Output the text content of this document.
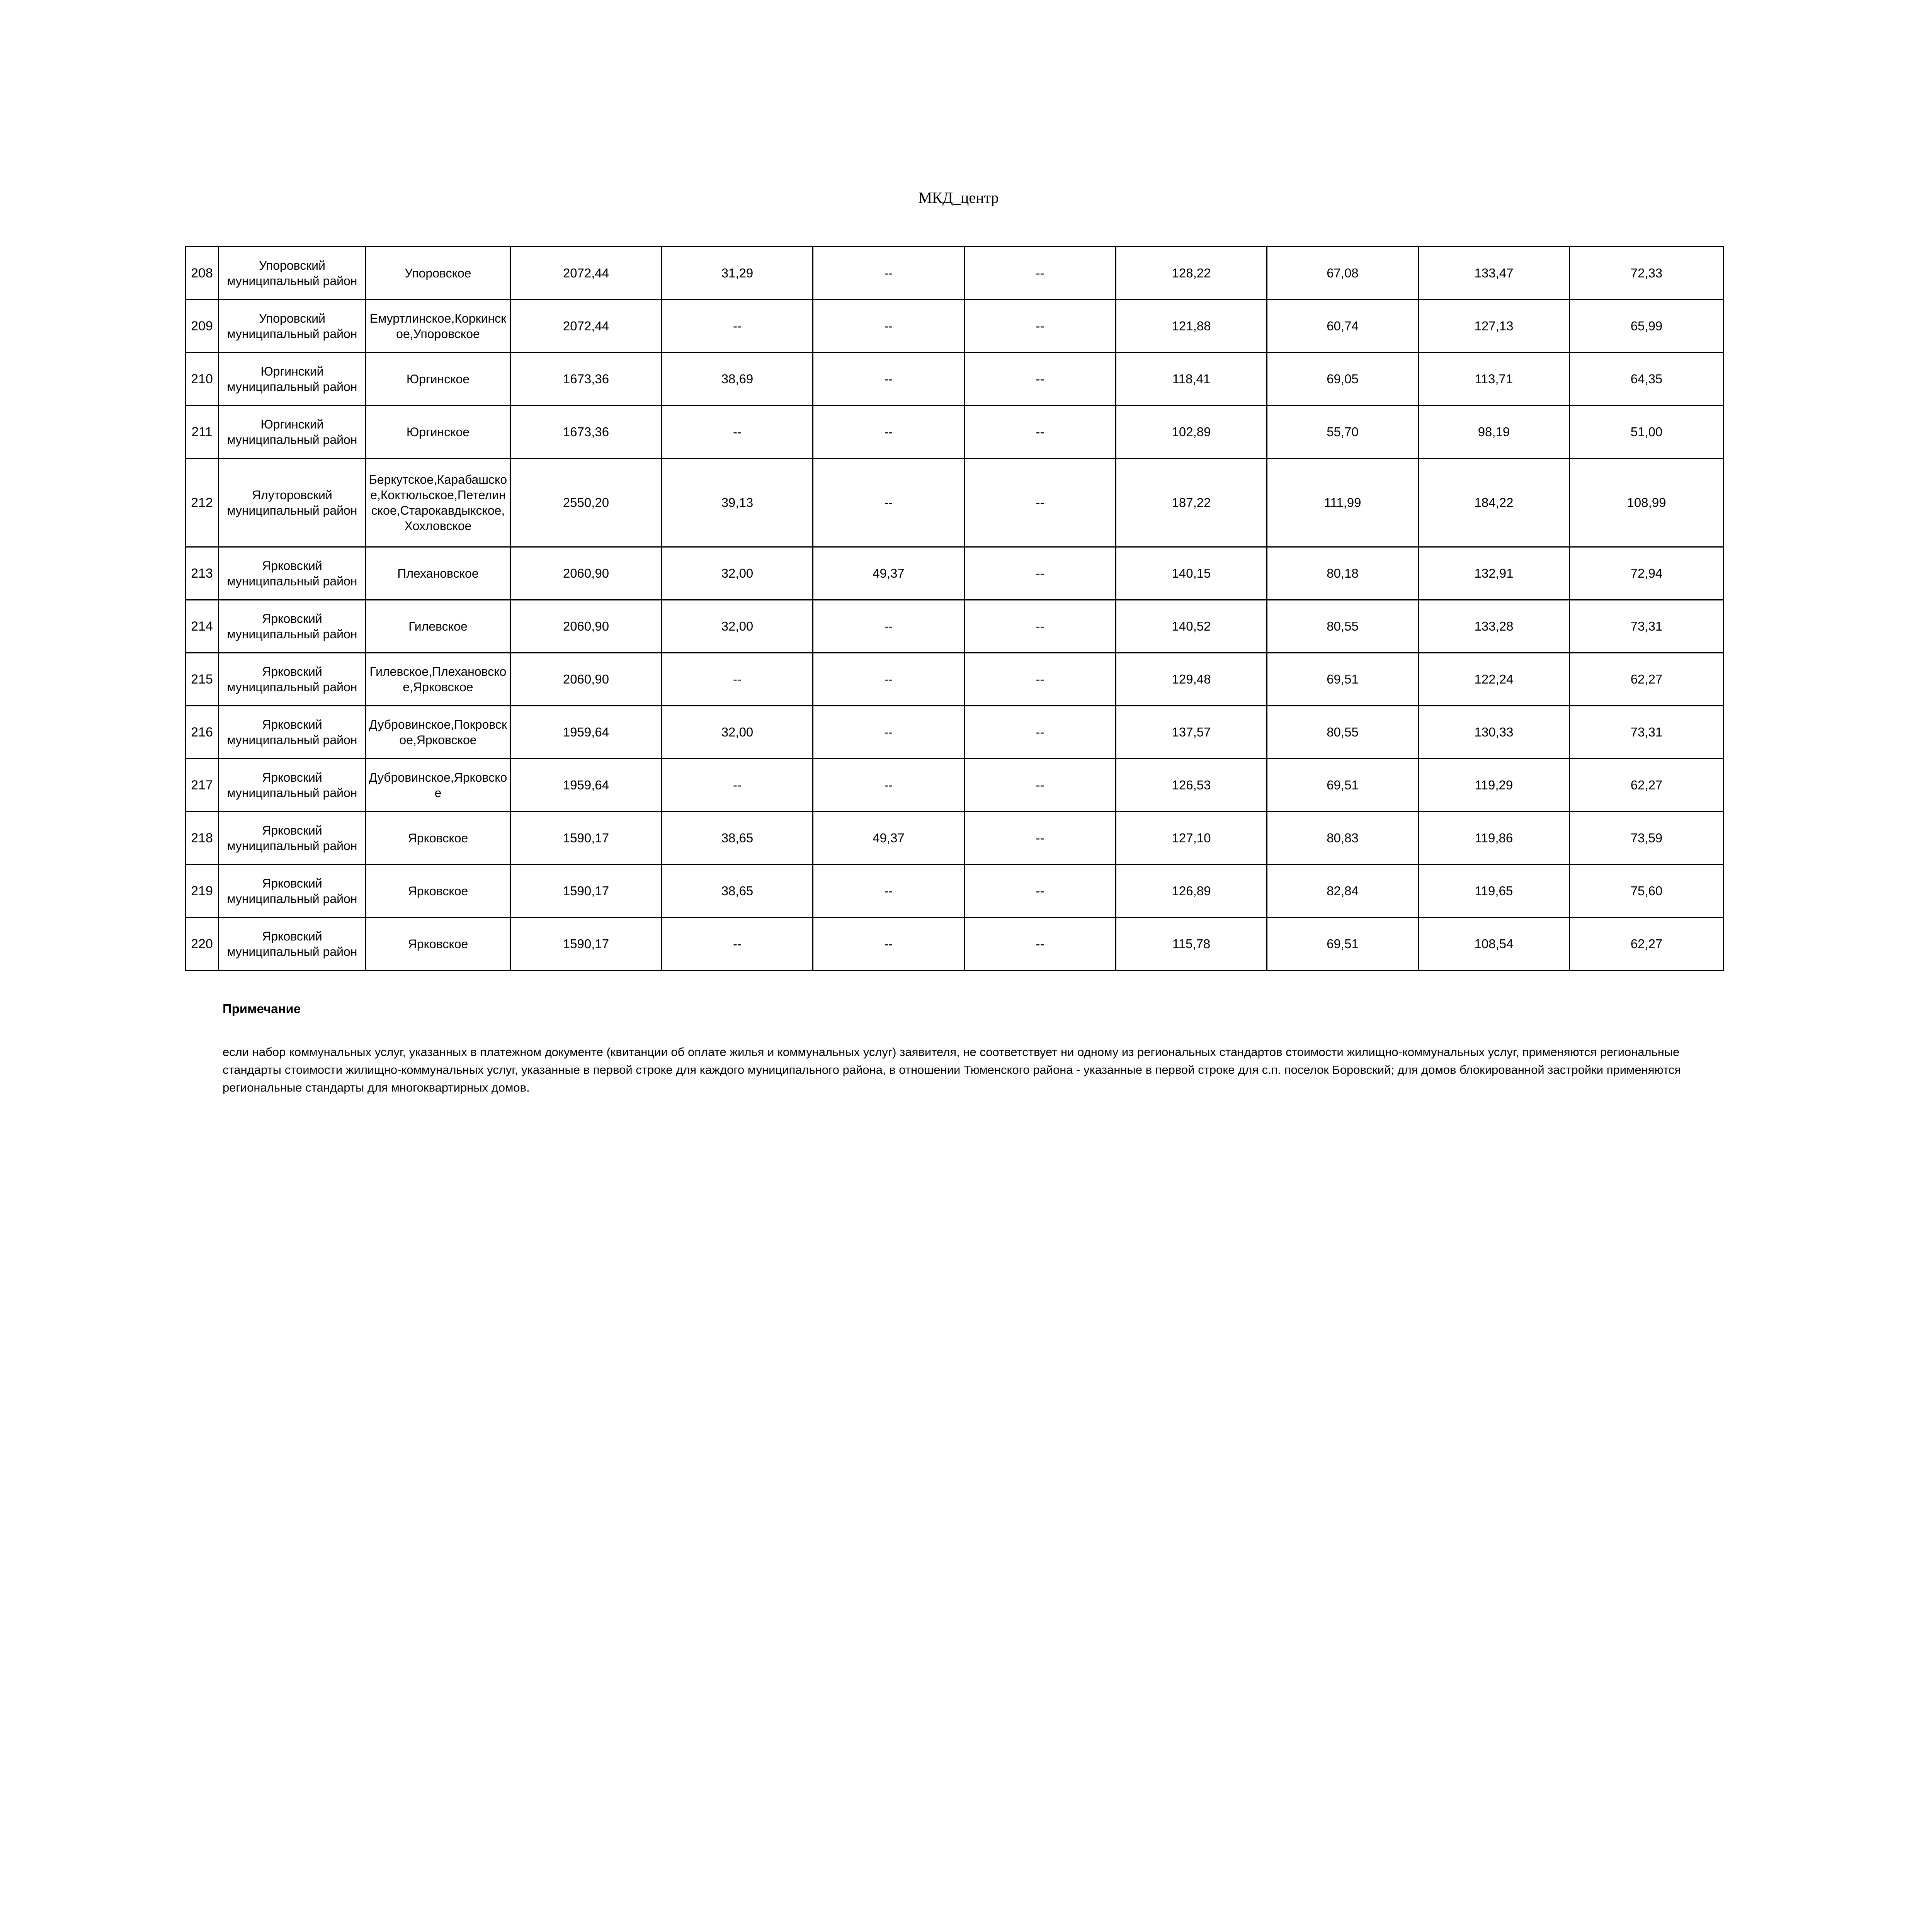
МКД_центр
208	Упоровский муниципальный район	Упоровское	2072,44	31,29	--	--	128,22	67,08	133,47	72,33
209	Упоровский муниципальный район	Емуртлинское,Коркинское,Упоровское	2072,44	--	--	--	121,88	60,74	127,13	65,99
210	Юргинский муниципальный район	Юргинское	1673,36	38,69	--	--	118,41	69,05	113,71	64,35
211	Юргинский муниципальный район	Юргинское	1673,36	--	--	--	102,89	55,70	98,19	51,00
212	Ялуторовский муниципальный район	Беркутское,Карабашское,Коктюльское,Петелинское,Старокавдыкское,Хохловское	2550,20	39,13	--	--	187,22	111,99	184,22	108,99
213	Ярковский муниципальный район	Плехановское	2060,90	32,00	49,37	--	140,15	80,18	132,91	72,94
214	Ярковский муниципальный район	Гилевское	2060,90	32,00	--	--	140,52	80,55	133,28	73,31
215	Ярковский муниципальный район	Гилевское,Плехановское,Ярковское	2060,90	--	--	--	129,48	69,51	122,24	62,27
216	Ярковский муниципальный район	Дубровинское,Покровское,Ярковское	1959,64	32,00	--	--	137,57	80,55	130,33	73,31
217	Ярковский муниципальный район	Дубровинское,Ярковское	1959,64	--	--	--	126,53	69,51	119,29	62,27
218	Ярковский муниципальный район	Ярковское	1590,17	38,65	49,37	--	127,10	80,83	119,86	73,59
219	Ярковский муниципальный район	Ярковское	1590,17	38,65	--	--	126,89	82,84	119,65	75,60
220	Ярковский муниципальный район	Ярковское	1590,17	--	--	--	115,78	69,51	108,54	62,27
Примечание
если набор коммунальных услуг, указанных в платежном документе (квитанции об оплате жилья и коммунальных услуг) заявителя, не соответствует ни одному из региональных стандартов стоимости жилищно-коммунальных услуг, применяются региональные стандарты стоимости жилищно-коммунальных услуг, указанные в первой строке для каждого муниципального района, в отношении Тюменского района - указанные в первой строке для с.п. поселок Боровский; для домов блокированной застройки применяются региональные стандарты для многоквартирных домов.
